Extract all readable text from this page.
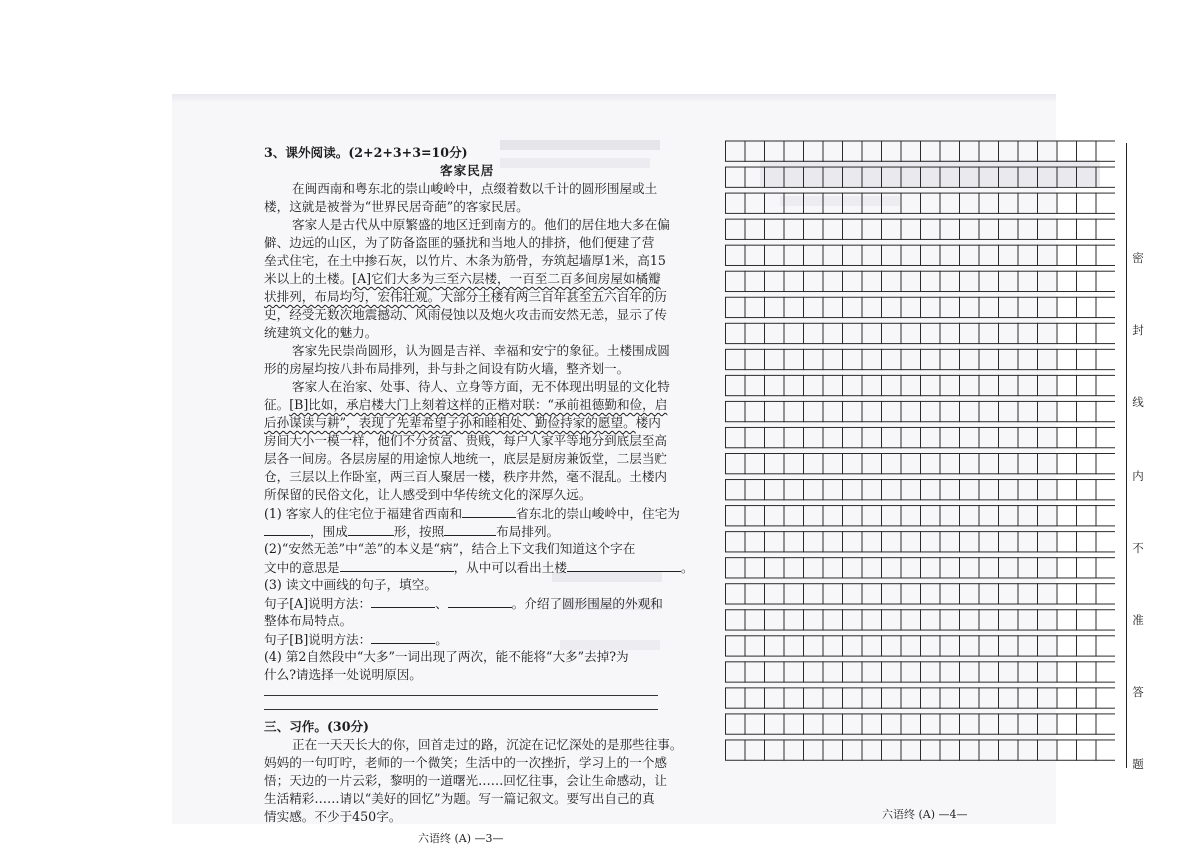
3、课外阅读。(2+2+3+3=10分)
客家民居
在闽西南和粤东北的崇山峻岭中，点缀着数以千计的圆形围屋或土
楼，这就是被誉为“世界民居奇葩”的客家民居。
客家人是古代从中原繁盛的地区迁到南方的。他们的居住地大多在偏
僻、边远的山区，为了防备盗匪的骚扰和当地人的排挤，他们便建了营
垒式住宅，在土中掺石灰，以竹片、木条为筋骨，夯筑起墙厚1米，高15
米以上的土楼。[A]它们大多为三至六层楼，一百至二百多间房屋如橘瓣
状排列，布局均匀，宏伟壮观。大部分土楼有两三百年甚至五六百年的历
史，经受无数次地震撼动、风雨侵蚀以及炮火攻击而安然无恙，显示了传
统建筑文化的魅力。
客家先民崇尚圆形，认为圆是吉祥、幸福和安宁的象征。土楼围成圆
形的房屋均按八卦布局排列，卦与卦之间设有防火墙，整齐划一。
客家人在治家、处事、待人、立身等方面，无不体现出明显的文化特
征。[B]比如，承启楼大门上刻着这样的正楷对联：“承前祖德勤和俭，启
后孙谋读与耕”，表现了先辈希望子孙和睦相处、勤俭持家的愿望。楼内
房间大小一模一样，他们不分贫富、贵贱，每户人家平等地分到底层至高
层各一间房。各层房屋的用途惊人地统一，底层是厨房兼饭堂，二层当贮
仓，三层以上作卧室，两三百人聚居一楼，秩序井然，毫不混乱。土楼内
所保留的民俗文化，让人感受到中华传统文化的深厚久远。
(1) 客家人的住宅位于福建省西南和	省东北的崇山峻岭中，住宅为
，围成	形，按照	布局排列。
(2)“安然无恙”中“恙”的本义是“病”，结合上下文我们知道这个字在
文中的意思是	，从中可以看出土楼	。
(3) 读文中画线的句子，填空。
句子[A]说明方法：	、	。介绍了圆形围屋的外观和
整体布局特点。
句子[B]说明方法：	。
(4) 第2自然段中“大多”一词出现了两次，能不能将“大多”去掉?为
什么?请选择一处说明原因。
三、习作。(30分)
正在一天天长大的你，回首走过的路，沉淀在记忆深处的是那些往事。
妈妈的一句叮咛，老师的一个微笑；生活中的一次挫折，学习上的一个感
悟；天边的一片云彩，黎明的一道曙光……回忆往事，会让生命感动，让
生活精彩……请以“美好的回忆”为题。写一篇记叙文。要写出自己的真
情实感。不少于450字。
六语终 (A) —3—
密
封
线
内
不
准
答
题
六语终 (A) —4—
